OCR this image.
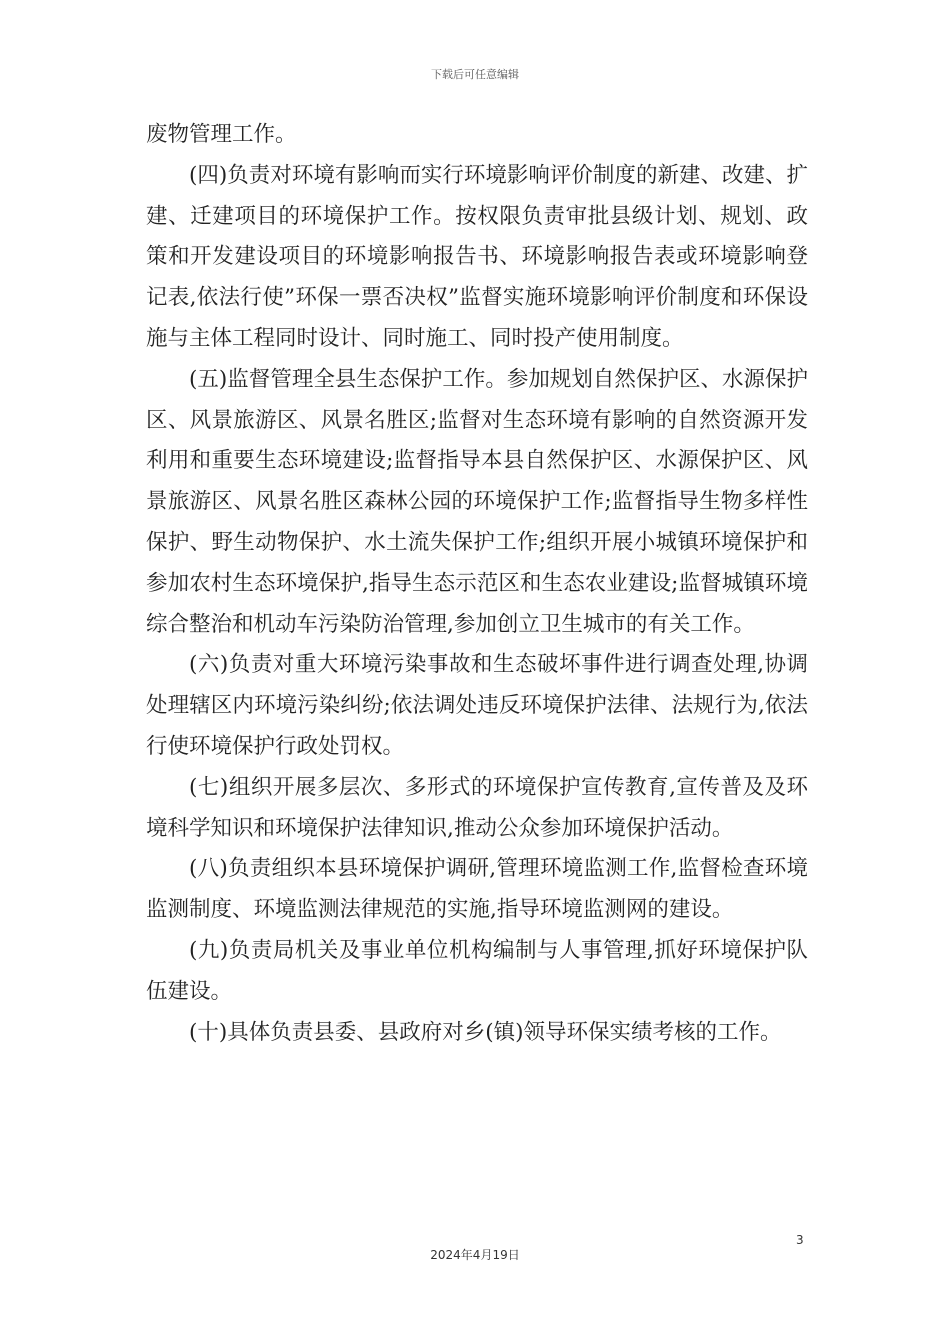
下载后可任意编辑

废物管理工作。

(四)负责对环境有影响而实行环境影响评价制度的新建、改建、扩建、迁建项目的环境保护工作。按权限负责审批县级计划、规划、政策和开发建设项目的环境影响报告书、环境影响报告表或环境影响登记表,依法行使”环保一票否决权”监督实施环境影响评价制度和环保设施与主体工程同时设计、同时施工、同时投产使用制度。

(五)监督管理全县生态保护工作。参加规划自然保护区、水源保护区、风景旅游区、风景名胜区;监督对生态环境有影响的自然资源开发利用和重要生态环境建设;监督指导本县自然保护区、水源保护区、风景旅游区、风景名胜区森林公园的环境保护工作;监督指导生物多样性保护、野生动物保护、水土流失保护工作;组织开展小城镇环境保护和参加农村生态环境保护,指导生态示范区和生态农业建设;监督城镇环境综合整治和机动车污染防治管理,参加创立卫生城市的有关工作。

(六)负责对重大环境污染事故和生态破坏事件进行调查处理,协调处理辖区内环境污染纠纷;依法调处违反环境保护法律、法规行为,依法行使环境保护行政处罚权。

(七)组织开展多层次、多形式的环境保护宣传教育,宣传普及及环境科学知识和环境保护法律知识,推动公众参加环境保护活动。

(八)负责组织本县环境保护调研,管理环境监测工作,监督检查环境监测制度、环境监测法律规范的实施,指导环境监测网的建设。

(九)负责局机关及事业单位机构编制与人事管理,抓好环境保护队伍建设。

(十)具体负责县委、县政府对乡(镇)领导环保实绩考核的工作。

3
2024年4月19日
